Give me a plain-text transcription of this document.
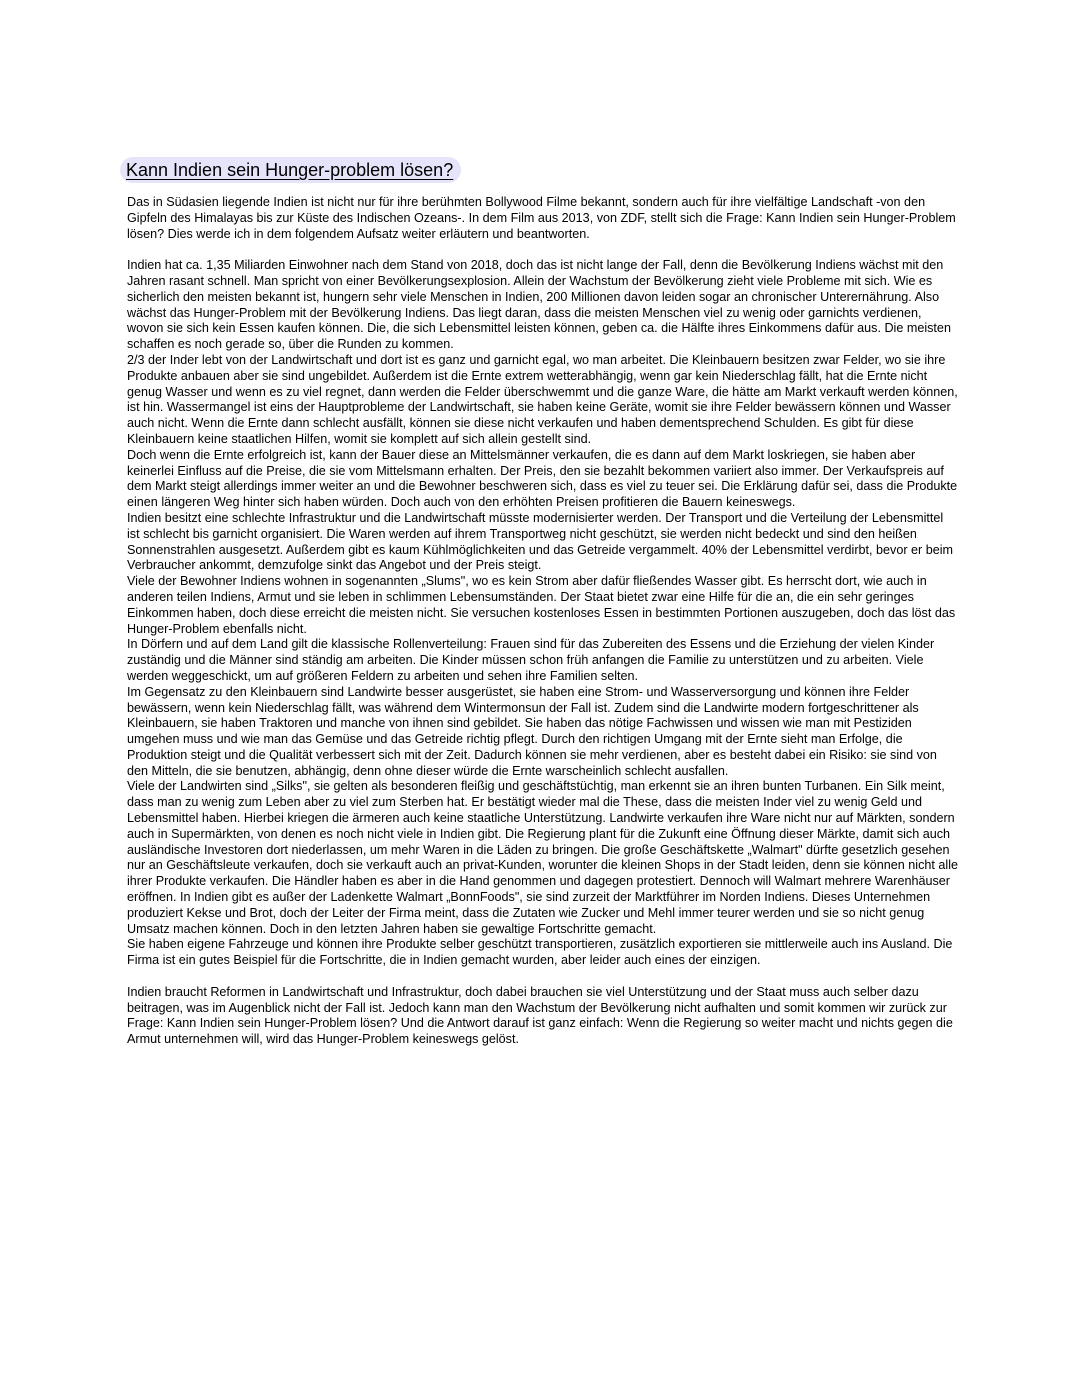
Kann Indien sein Hunger-problem lösen?

Das in Südasien liegende Indien ist nicht nur für ihre berühmten Bollywood Filme bekannt, sondern auch für ihre vielfältige Landschaft -von den Gipfeln des Himalayas bis zur Küste des Indischen Ozeans-. In dem Film aus 2013, von ZDF, stellt sich die Frage: Kann Indien sein Hunger-Problem lösen? Dies werde ich in dem folgendem Aufsatz weiter erläutern und beantworten.

Indien hat ca. 1,35 Miliarden Einwohner nach dem Stand von 2018, doch das ist nicht lange der Fall, denn die Bevölkerung Indiens wächst mit den Jahren rasant schnell. Man spricht von einer Bevölkerungsexplosion. Allein der Wachstum der Bevölkerung zieht viele Probleme mit sich. Wie es sicherlich den meisten bekannt ist, hungern sehr viele Menschen in Indien, 200 Millionen davon leiden sogar an chronischer Unterernährung. Also wächst das Hunger-Problem mit der Bevölkerung Indiens. Das liegt daran, dass die meisten Menschen viel zu wenig oder garnichts verdienen, wovon sie sich kein Essen kaufen können. Die, die sich Lebensmittel leisten können, geben ca. die Hälfte ihres Einkommens dafür aus. Die meisten schaffen es noch gerade so, über die Runden zu kommen.

2/3 der Inder lebt von der Landwirtschaft und dort ist es ganz und garnicht egal, wo man arbeitet. Die Kleinbauern besitzen zwar Felder, wo sie ihre Produkte anbauen aber sie sind ungebildet. Außerdem ist die Ernte extrem wetterabhängig, wenn gar kein Niederschlag fällt, hat die Ernte nicht genug Wasser und wenn es zu viel regnet, dann werden die Felder überschwemmt und die ganze Ware, die hätte am Markt verkauft werden können, ist hin. Wassermangel ist eins der Hauptprobleme der Landwirtschaft, sie haben keine Geräte, womit sie ihre Felder bewässern können und Wasser auch nicht. Wenn die Ernte dann schlecht ausfällt, können sie diese nicht verkaufen und haben dementsprechend Schulden. Es gibt für diese Kleinbauern keine staatlichen Hilfen, womit sie komplett auf sich allein gestellt sind.

Doch wenn die Ernte erfolgreich ist, kann der Bauer diese an Mittelsmänner verkaufen, die es dann auf dem Markt loskriegen, sie haben aber keinerlei Einfluss auf die Preise, die sie vom Mittelsmann erhalten. Der Preis, den sie bezahlt bekommen variiert also immer. Der Verkaufspreis auf dem Markt steigt allerdings immer weiter an und die Bewohner beschweren sich, dass es viel zu teuer sei. Die Erklärung dafür sei, dass die Produkte einen längeren Weg hinter sich haben würden. Doch auch von den erhöhten Preisen profitieren die Bauern keineswegs.

Indien besitzt eine schlechte Infrastruktur und die Landwirtschaft müsste modernisierter werden. Der Transport und die Verteilung der Lebensmittel ist schlecht bis garnicht organisiert. Die Waren werden auf ihrem Transportweg nicht geschützt, sie werden nicht bedeckt und sind den heißen Sonnenstrahlen ausgesetzt. Außerdem gibt es kaum Kühlmöglichkeiten und das Getreide vergammelt. 40% der Lebensmittel verdirbt, bevor er beim Verbraucher ankommt, demzufolge sinkt das Angebot und der Preis steigt.

Viele der Bewohner Indiens wohnen in sogenannten „Slums", wo es kein Strom aber dafür fließendes Wasser gibt. Es herrscht dort, wie auch in anderen teilen Indiens, Armut und sie leben in schlimmen Lebensumständen. Der Staat bietet zwar eine Hilfe für die an, die ein sehr geringes Einkommen haben, doch diese erreicht die meisten nicht. Sie versuchen kostenloses Essen in bestimmten Portionen auszugeben, doch das löst das Hunger-Problem ebenfalls nicht.

In Dörfern und auf dem Land gilt die klassische Rollenverteilung: Frauen sind für das Zubereiten des Essens und die Erziehung der vielen Kinder zuständig und die Männer sind ständig am arbeiten. Die Kinder müssen schon früh anfangen die Familie zu unterstützen und zu arbeiten. Viele werden weggeschickt, um auf größeren Feldern zu arbeiten und sehen ihre Familien selten.

Im Gegensatz zu den Kleinbauern sind Landwirte besser ausgerüstet, sie haben eine Strom- und Wasserversorgung und können ihre Felder bewässern, wenn kein Niederschlag fällt, was während dem Wintermonsun der Fall ist. Zudem sind die Landwirte modern fortgeschrittener als Kleinbauern, sie haben Traktoren und manche von ihnen sind gebildet. Sie haben das nötige Fachwissen und wissen wie man mit Pestiziden umgehen muss und wie man das Gemüse und das Getreide richtig pflegt. Durch den richtigen Umgang mit der Ernte sieht man Erfolge, die Produktion steigt und die Qualität verbessert sich mit der Zeit. Dadurch können sie mehr verdienen, aber es besteht dabei ein Risiko: sie sind von den Mitteln, die sie benutzen, abhängig, denn ohne dieser würde die Ernte warscheinlich schlecht ausfallen.

Viele der Landwirten sind „Silks", sie gelten als besonderen fleißig und geschäftstüchtig, man erkennt sie an ihren bunten Turbanen. Ein Silk meint, dass man zu wenig zum Leben aber zu viel zum Sterben hat. Er bestätigt wieder mal die These, dass die meisten Inder viel zu wenig Geld und Lebensmittel haben. Hierbei kriegen die ärmeren auch keine staatliche Unterstützung. Landwirte verkaufen ihre Ware nicht nur auf Märkten, sondern auch in Supermärkten, von denen es noch nicht viele in Indien gibt. Die Regierung plant für die Zukunft eine Öffnung dieser Märkte, damit sich auch ausländische Investoren dort niederlassen, um mehr Waren in die Läden zu bringen. Die große Geschäftskette „Walmart" dürfte gesetzlich gesehen nur an Geschäftsleute verkaufen, doch sie verkauft auch an privat-Kunden, worunter die kleinen Shops in der Stadt leiden, denn sie können nicht alle ihrer Produkte verkaufen. Die Händler haben es aber in die Hand genommen und dagegen protestiert. Dennoch will Walmart mehrere Warenhäuser eröffnen. In Indien gibt es außer der Ladenkette Walmart „BonnFoods", sie sind zurzeit der Marktführer im Norden Indiens. Dieses Unternehmen produziert Kekse und Brot, doch der Leiter der Firma meint, dass die Zutaten wie Zucker und Mehl immer teurer werden und sie so nicht genug Umsatz machen können. Doch in den letzten Jahren haben sie gewaltige Fortschritte gemacht.

Sie haben eigene Fahrzeuge und können ihre Produkte selber geschützt transportieren, zusätzlich exportieren sie mittlerweile auch ins Ausland. Die Firma ist ein gutes Beispiel für die Fortschritte, die in Indien gemacht wurden, aber leider auch eines der einzigen.

Indien braucht Reformen in Landwirtschaft und Infrastruktur, doch dabei brauchen sie viel Unterstützung und der Staat muss auch selber dazu beitragen, was im Augenblick nicht der Fall ist. Jedoch kann man den Wachstum der Bevölkerung nicht aufhalten und somit kommen wir zurück zur Frage: Kann Indien sein Hunger-Problem lösen? Und die Antwort darauf ist ganz einfach: Wenn die Regierung so weiter macht und nichts gegen die Armut unternehmen will, wird das Hunger-Problem keineswegs gelöst.
